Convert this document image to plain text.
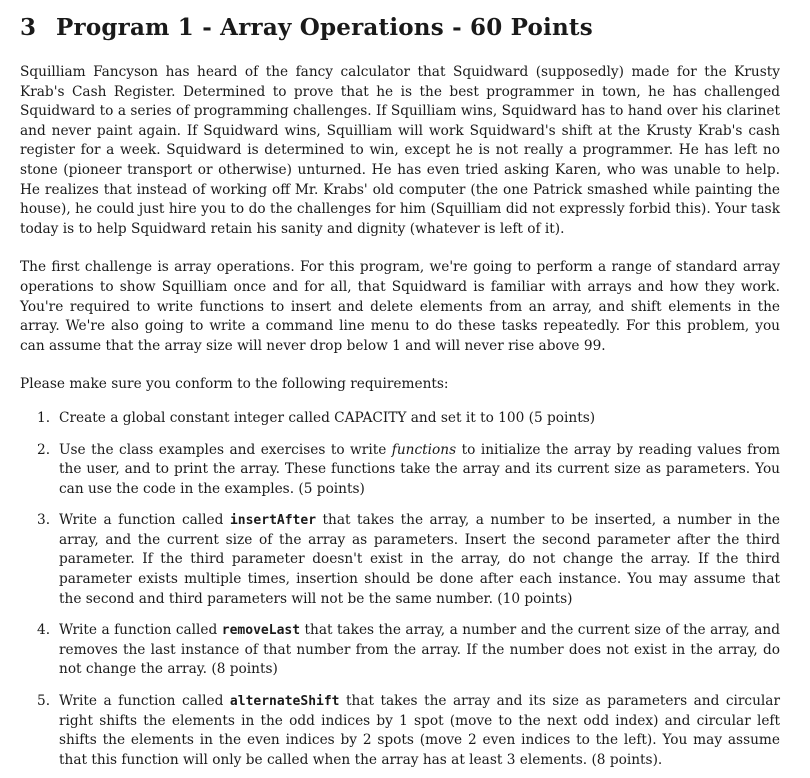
3 Program 1 - Array Operations - 60 Points

Squilliam Fancyson has heard of the fancy calculator that Squidward (supposedly) made for the Krusty Krab's Cash Register. Determined to prove that he is the best programmer in town, he has challenged Squidward to a series of programming challenges. If Squilliam wins, Squidward has to hand over his clarinet and never paint again. If Squidward wins, Squilliam will work Squidward's shift at the Krusty Krab's cash register for a week. Squidward is determined to win, except he is not really a programmer. He has left no stone (pioneer transport or otherwise) unturned. He has even tried asking Karen, who was unable to help. He realizes that instead of working off Mr. Krabs' old computer (the one Patrick smashed while painting the house), he could just hire you to do the challenges for him (Squilliam did not expressly forbid this). Your task today is to help Squidward retain his sanity and dignity (whatever is left of it).

The first challenge is array operations. For this program, we're going to perform a range of standard array operations to show Squilliam once and for all, that Squidward is familiar with arrays and how they work. You're required to write functions to insert and delete elements from an array, and shift elements in the array. We're also going to write a command line menu to do these tasks repeatedly. For this problem, you can assume that the array size will never drop below 1 and will never rise above 99.

Please make sure you conform to the following requirements:

1. Create a global constant integer called CAPACITY and set it to 100 (5 points)
2. Use the class examples and exercises to write functions to initialize the array by reading values from the user, and to print the array. These functions take the array and its current size as parameters. You can use the code in the examples. (5 points)
3. Write a function called insertAfter that takes the array, a number to be inserted, a number in the array, and the current size of the array as parameters. Insert the second parameter after the third parameter. If the third parameter doesn't exist in the array, do not change the array. If the third parameter exists multiple times, insertion should be done after each instance. You may assume that the second and third parameters will not be the same number. (10 points)
4. Write a function called removeLast that takes the array, a number and the current size of the array, and removes the last instance of that number from the array. If the number does not exist in the array, do not change the array. (8 points)
5. Write a function called alternateShift that takes the array and its size as parameters and circular right shifts the elements in the odd indices by 1 spot (move to the next odd index) and circular left shifts the elements in the even indices by 2 spots (move 2 even indices to the left). You may assume that this function will only be called when the array has at least 3 elements. (8 points).
